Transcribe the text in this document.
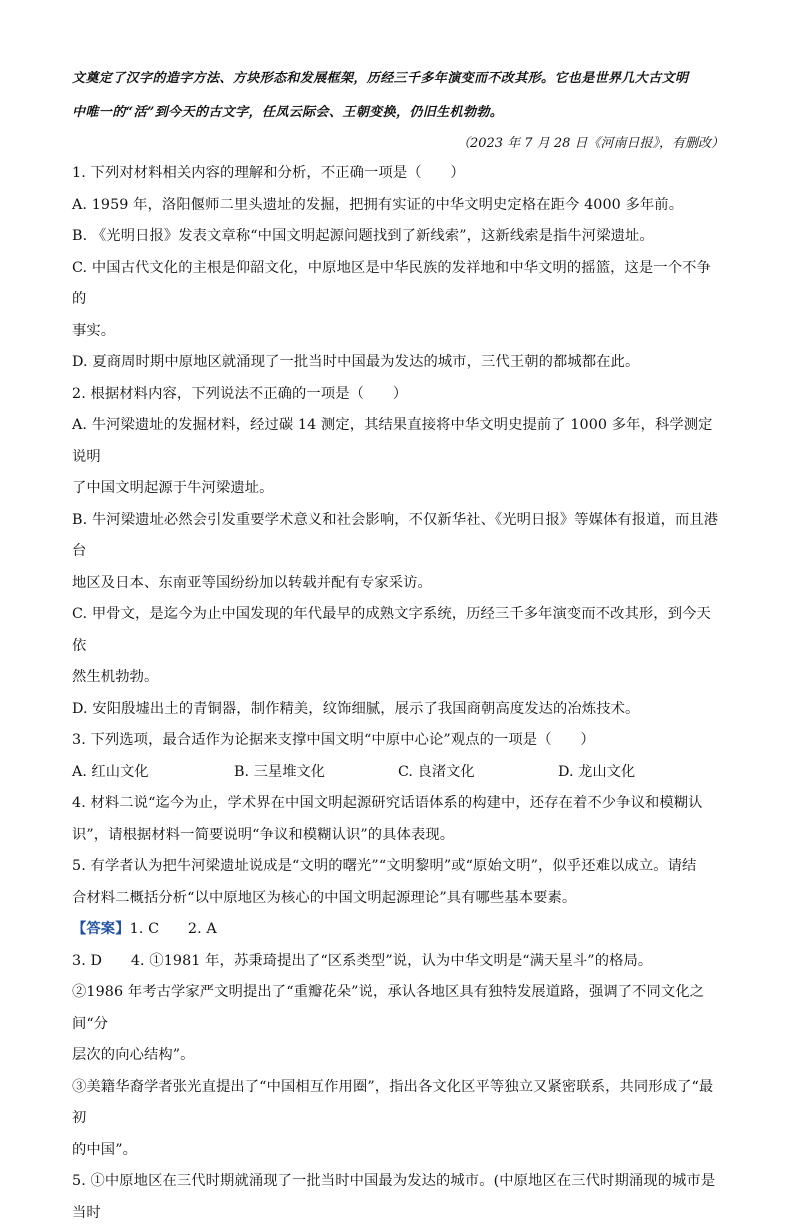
文奠定了汉字的造字方法、方块形态和发展框架，历经三千多年演变而不改其形。它也是世界几大古文明

中唯一的“活”到今天的古文字，任凤云际会、王朝变换，仍旧生机勃勃。

（2023 年 7 月 28 日《河南日报》，有删改）

1. 下列对材料相关内容的理解和分析，不正确一项是（　　）

A. 1959 年，洛阳偃师二里头遗址的发掘，把拥有实证的中华文明史定格在距今 4000 多年前。

B. 《光明日报》发表文章称“中国文明起源问题找到了新线索”，这新线索是指牛河梁遗址。

C. 中国古代文化的主根是仰韶文化，中原地区是中华民族的发祥地和中华文明的摇篮，这是一个不争的

事实。

D. 夏商周时期中原地区就涌现了一批当时中国最为发达的城市，三代王朝的都城都在此。

2. 根据材料内容，下列说法不正确的一项是（　　）

A. 牛河梁遗址的发掘材料，经过碳 14 测定，其结果直接将中华文明史提前了 1000 多年，科学测定说明

了中国文明起源于牛河梁遗址。

B. 牛河梁遗址必然会引发重要学术意义和社会影响，不仅新华社、《光明日报》等媒体有报道，而且港台

地区及日本、东南亚等国纷纷加以转载并配有专家采访。

C. 甲骨文，是迄今为止中国发现的年代最早的成熟文字系统，历经三千多年演变而不改其形，到今天依

然生机勃勃。

D. 安阳殷墟出土的青铜器，制作精美，纹饰细腻，展示了我国商朝高度发达的冶炼技术。

3. 下列选项，最合适作为论据来支撑中国文明“中原中心论”观点的一项是（　　）

A. 红山文化	B. 三星堆文化	C. 良渚文化	D. 龙山文化

4. 材料二说“迄今为止，学术界在中国文明起源研究话语体系的构建中，还存在着不少争议和模糊认

识”，请根据材料一简要说明“争议和模糊认识”的具体表现。

5. 有学者认为把牛河梁遗址说成是“文明的曙光”“文明黎明”或“原始文明”，似乎还难以成立。请结

合材料二概括分析“以中原地区为核心的中国文明起源理论”具有哪些基本要素。

【答案】1. C　　2. A

3. D　　4. ①1981 年，苏秉琦提出了“区系类型”说，认为中华文明是“满天星斗”的格局。

②1986 年考古学家严文明提出了“重瓣花朵”说，承认各地区具有独特发展道路，强调了不同文化之间“分

层次的向心结构”。

③美籍华裔学者张光直提出了“中国相互作用圈”，指出各文化区平等独立又紧密联系，共同形成了“最初

的中国”。

5. ①中原地区在三代时期就涌现了一批当时中国最为发达的城市。(中原地区在三代时期涌现的城市是当时
